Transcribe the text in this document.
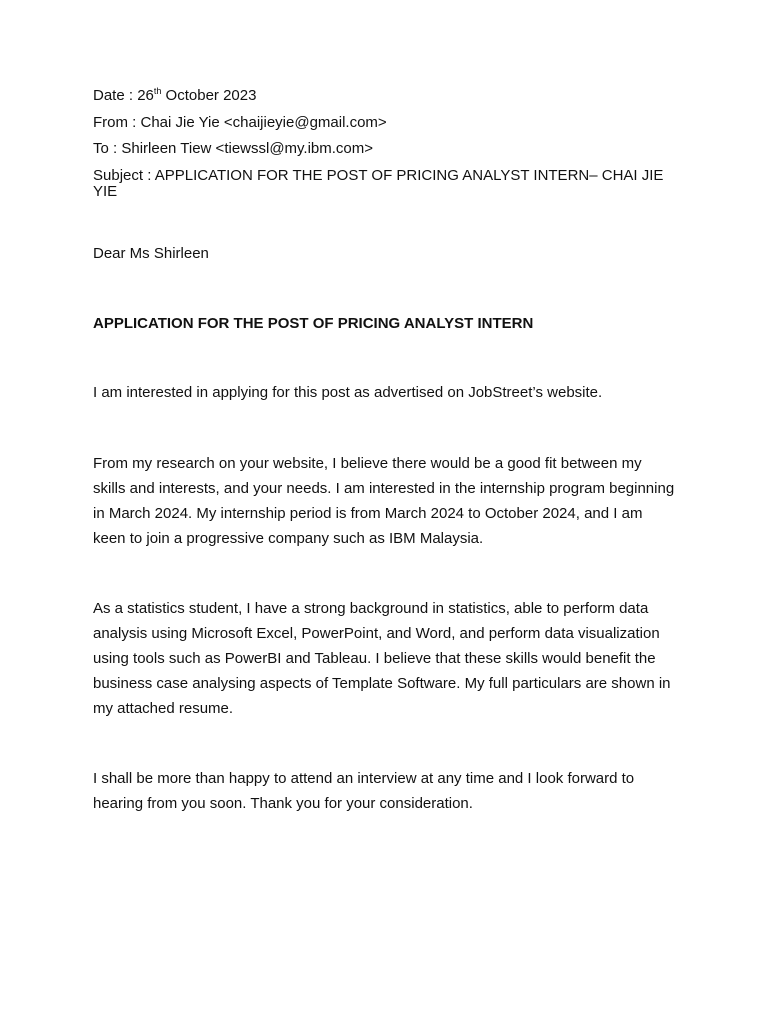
Date : 26th October 2023
From : Chai Jie Yie <chaijieyie@gmail.com>
To : Shirleen Tiew <tiewssl@my.ibm.com>
Subject : APPLICATION FOR THE POST OF PRICING ANALYST INTERN– CHAI JIE YIE
Dear Ms Shirleen
APPLICATION FOR THE POST OF PRICING ANALYST INTERN
I am interested in applying for this post as advertised on JobStreet’s website.
From my research on your website, I believe there would be a good fit between my skills and interests, and your needs. I am interested in the internship program beginning in March 2024. My internship period is from March 2024 to October 2024, and I am keen to join a progressive company such as IBM Malaysia.
As a statistics student, I have a strong background in statistics, able to perform data analysis using Microsoft Excel, PowerPoint, and Word, and perform data visualization using tools such as PowerBI and Tableau. I believe that these skills would benefit the business case analysing aspects of Template Software. My full particulars are shown in my attached resume.
I shall be more than happy to attend an interview at any time and I look forward to hearing from you soon. Thank you for your consideration.
